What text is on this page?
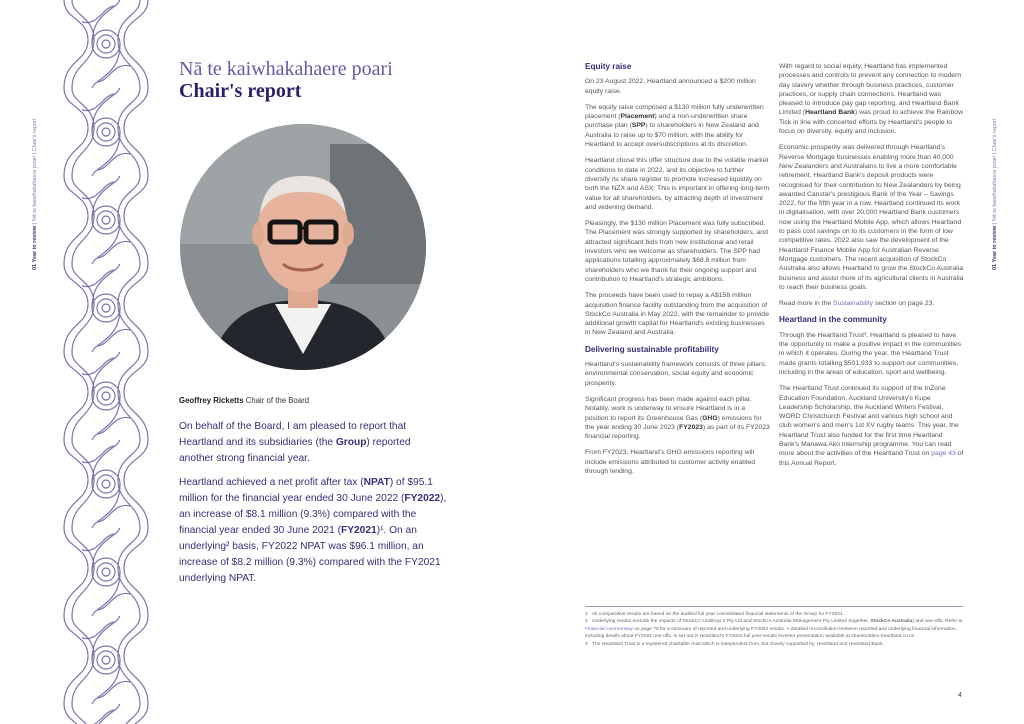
01 Year in review | Nā te kaiwhakahaere poari | Chair's report
01 Year in review | Nā te kaiwhakahaere poari | Chair's report
Nā te kaiwhakahaere poari
Chair's report
Geoffrey Ricketts Chair of the Board

On behalf of the Board, I am pleased to report that Heartland and its subsidiaries (the Group) reported another strong financial year.

Heartland achieved a net profit after tax (NPAT) of $95.1 million for the financial year ended 30 June 2022 (FY2022), an increase of $8.1 million (9.3%) compared with the financial year ended 30 June 2021 (FY2021)¹. On an underlying² basis, FY2022 NPAT was $96.1 million, an increase of $8.2 million (9.3%) compared with the FY2021 underlying NPAT.

Equity raise

On 23 August 2022, Heartland announced a $200 million equity raise.

The equity raise comprised a $130 million fully underwritten placement (Placement) and a non-underwritten share purchase plan (SPP) to shareholders in New Zealand and Australia to raise up to $70 million, with the ability for Heartland to accept oversubscriptions at its discretion.

Heartland chose this offer structure due to the volatile market conditions to date in 2022, and its objective to further diversify its share register to promote increased liquidity on both the NZX and ASX. This is important in offering long-term value for all shareholders, by attracting depth of investment and widening demand.

Pleasingly, the $130 million Placement was fully subscribed. The Placement was strongly supported by shareholders, and attracted significant bids from new institutional and retail investors who we welcome as shareholders. The SPP had applications totalling approximately $68.8 million from shareholders who we thank for their ongoing support and contribution to Heartland's strategic ambitions.

The proceeds have been used to repay a A$158 million acquisition finance facility outstanding from the acquisition of StockCo Australia in May 2022, with the remainder to provide additional growth capital for Heartland's existing businesses in New Zealand and Australia.

Delivering sustainable profitability

Heartland's sustainability framework consists of three pillars: environmental conservation, social equity and economic prosperity.

Significant progress has been made against each pillar. Notably, work is underway to ensure Heartland is in a position to report its Greenhouse Gas (GHG) emissions for the year ending 30 June 2023 (FY2023) as part of its FY2023 financial reporting.

From FY2023, Heartland's GHG emissions reporting will include emissions attributed to customer activity enabled through lending.

With regard to social equity, Heartland has implemented processes and controls to prevent any connection to modern day slavery whether through business practices, customer practices, or supply chain connections. Heartland was pleased to introduce pay gap reporting, and Heartland Bank Limited (Heartland Bank) was proud to achieve the Rainbow Tick in line with concerted efforts by Heartland's people to focus on diversity, equity and inclusion.

Economic prosperity was delivered through Heartland's Reverse Mortgage businesses enabling more than 40,000 New Zealanders and Australians to live a more comfortable retirement. Heartland Bank's deposit products were recognised for their contribution to New Zealanders by being awarded Canstar's prestigious Bank of the Year – Savings 2022, for the fifth year in a row. Heartland continued its work in digitalisation, with over 20,000 Heartland Bank customers now using the Heartland Mobile App, which allows Heartland to pass cost savings on to its customers in the form of low competitive rates. 2022 also saw the development of the Heartland Finance Mobile App for Australian Reverse Mortgage customers. The recent acquisition of StockCo Australia also allows Heartland to grow the StockCo Australia business and assist more of its agricultural clients in Australia to reach their business goals.

Read more in the Sustainability section on page 23.

Heartland in the community

Through the Heartland Trust³, Heartland is pleased to have the opportunity to make a positive impact in the communities in which it operates. During the year, the Heartland Trust made grants totalling $501,933 to support our communities, including in the areas of education, sport and wellbeing.

The Heartland Trust continued its support of the InZone Education Foundation, Auckland University's Kupe Leadership Scholarship, the Auckland Writers Festival, WORD Christchurch Festival and various high school and club women's and men's 1st XV rugby teams. This year, the Heartland Trust also funded for the first time Heartland Bank's Manawa Ako internship programme. You can read more about the activities of the Heartland Trust on page 43 of this Annual Report.

1 All comparative results are based on the audited full year consolidated financial statements of the Group for FY2021.

2 Underlying results exclude the impacts of StockCo Holdings 2 Pty Ltd and StockCo Australia Management Pty Limited (together, StockCo Australia) and one-offs. Refer to Financial commentary on page 75 for a summary of reported and underlying FY2022 results. A detailed reconciliation between reported and underlying financial information, including details about FY2022 one-offs, is set out in Heartland's FY2022 full year results investor presentation available at shareholders.heartland.co.nz.

3 The Heartland Trust is a registered charitable trust which is independent from, but closely supported by, Heartland and Heartland Bank.

4
